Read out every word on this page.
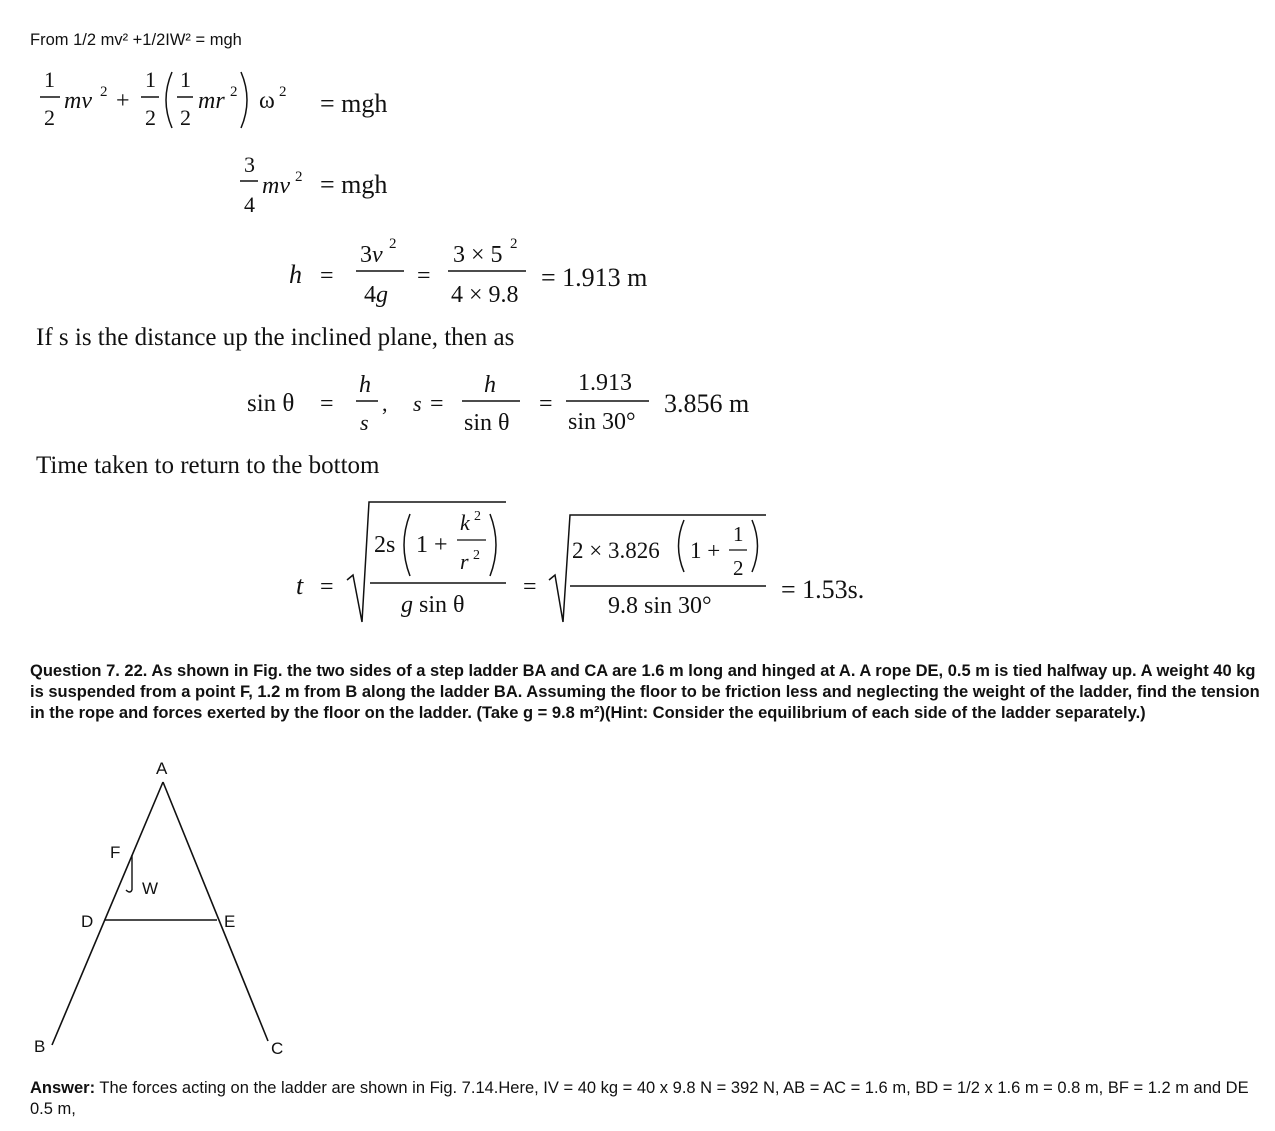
From 1/2 mv² +1/2IW² = mgh
1
2
mv 2 +
1
2
1
2
mr 2 ω 2 = mgh
3
4
mv 2 = mgh
h =
3v 2
4g
=
3 × 5 2
4 × 9.8
= 1.913 m
If s is the distance up the inclined plane, then as
sin θ =
h
s
, s =
h
sin θ
=
1.913
sin 30°
3.856 m
Time taken to return to the bottom
t =
2s 1 +
k 2
r 2
g sin θ
=
2 × 3.826 1 +
1
2
9.8 sin 30°
= 1.53s.
Question 7. 22. As shown in Fig. the two sides of a step ladder BA and CA are 1.6 m long and hinged at A. A rope DE, 0.5 m is tied halfway up. A weight 40 kg is suspended from a point F, 1.2 m from B along the ladder BA. Assuming the floor to be friction less and neglecting the weight of the ladder, find the tension in the rope and forces exerted by the floor on the ladder. (Take g = 9.8 m²)(Hint: Consider the equilibrium of each side of the ladder separately.)
A
F
W
D	E
B	C
Answer: The forces acting on the ladder are shown in Fig. 7.14.Here, IV = 40 kg = 40 x 9.8 N = 392 N, AB = AC = 1.6 m, BD = 1/2 x 1.6 m = 0.8 m, BF = 1.2 m and DE 0.5 m,
